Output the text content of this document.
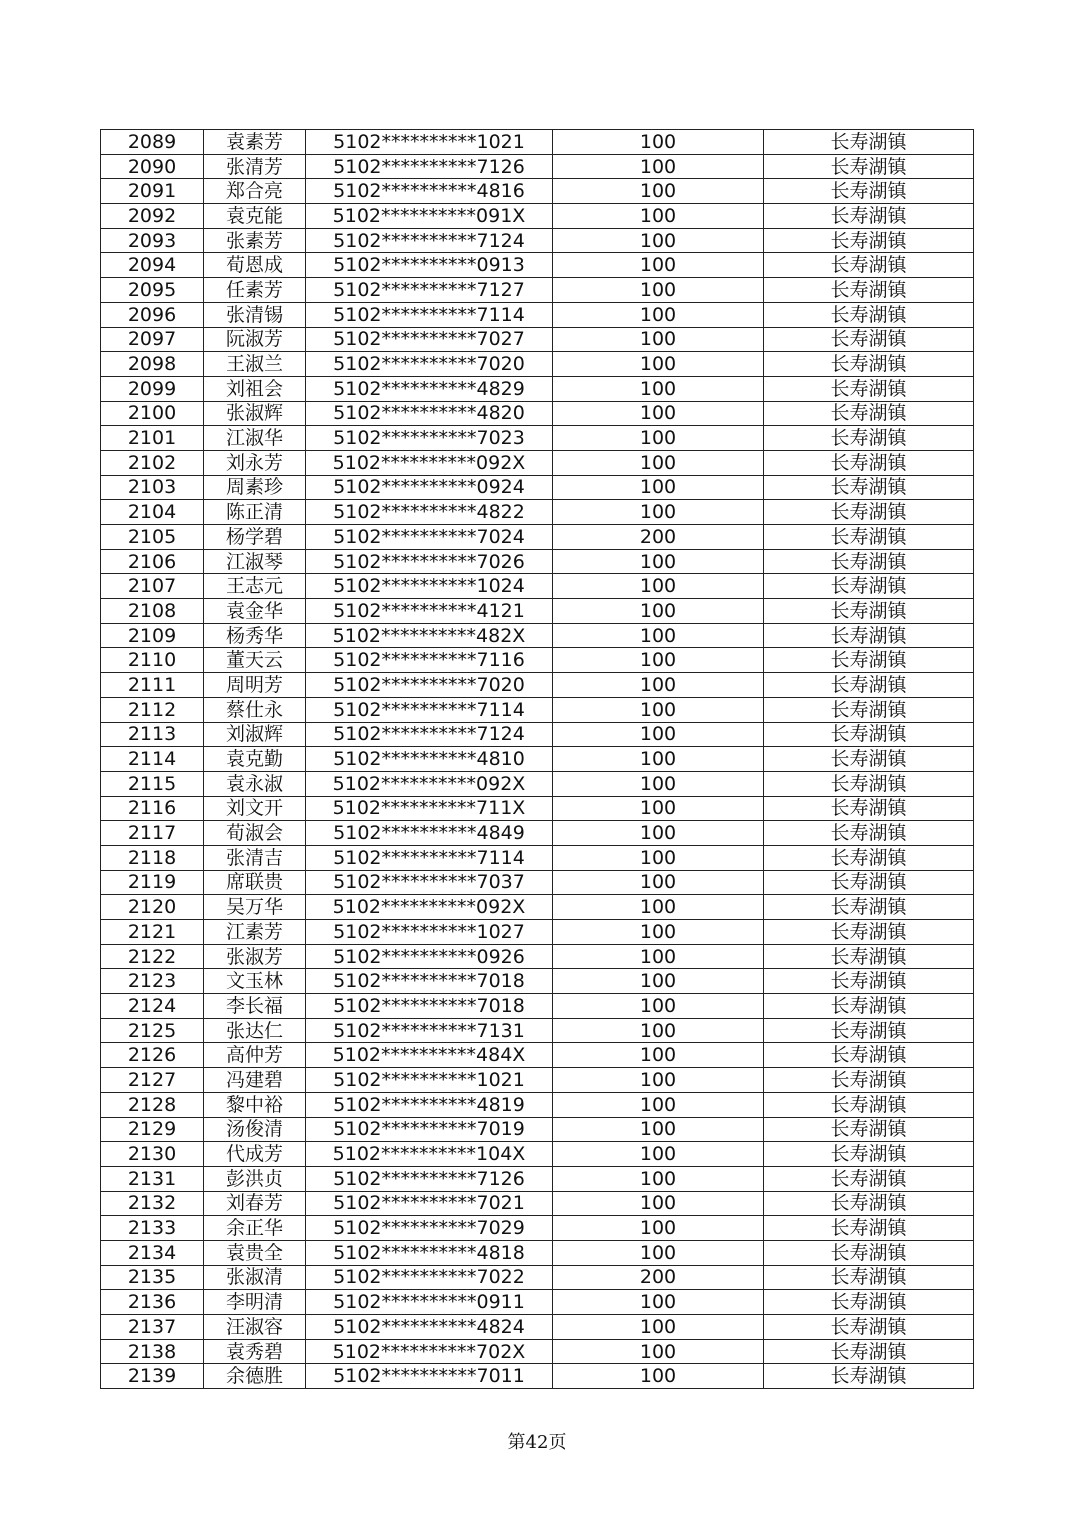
2089	袁素芳	5102**********1021	100	长寿湖镇
2090	张清芳	5102**********7126	100	长寿湖镇
2091	郑合亮	5102**********4816	100	长寿湖镇
2092	袁克能	5102**********091X	100	长寿湖镇
2093	张素芳	5102**********7124	100	长寿湖镇
2094	荀恩成	5102**********0913	100	长寿湖镇
2095	任素芳	5102**********7127	100	长寿湖镇
2096	张清锡	5102**********7114	100	长寿湖镇
2097	阮淑芳	5102**********7027	100	长寿湖镇
2098	王淑兰	5102**********7020	100	长寿湖镇
2099	刘祖会	5102**********4829	100	长寿湖镇
2100	张淑辉	5102**********4820	100	长寿湖镇
2101	江淑华	5102**********7023	100	长寿湖镇
2102	刘永芳	5102**********092X	100	长寿湖镇
2103	周素珍	5102**********0924	100	长寿湖镇
2104	陈正清	5102**********4822	100	长寿湖镇
2105	杨学碧	5102**********7024	200	长寿湖镇
2106	江淑琴	5102**********7026	100	长寿湖镇
2107	王志元	5102**********1024	100	长寿湖镇
2108	袁金华	5102**********4121	100	长寿湖镇
2109	杨秀华	5102**********482X	100	长寿湖镇
2110	董天云	5102**********7116	100	长寿湖镇
2111	周明芳	5102**********7020	100	长寿湖镇
2112	蔡仕永	5102**********7114	100	长寿湖镇
2113	刘淑辉	5102**********7124	100	长寿湖镇
2114	袁克勤	5102**********4810	100	长寿湖镇
2115	袁永淑	5102**********092X	100	长寿湖镇
2116	刘文开	5102**********711X	100	长寿湖镇
2117	荀淑会	5102**********4849	100	长寿湖镇
2118	张清吉	5102**********7114	100	长寿湖镇
2119	席联贵	5102**********7037	100	长寿湖镇
2120	吴万华	5102**********092X	100	长寿湖镇
2121	江素芳	5102**********1027	100	长寿湖镇
2122	张淑芳	5102**********0926	100	长寿湖镇
2123	文玉林	5102**********7018	100	长寿湖镇
2124	李长福	5102**********7018	100	长寿湖镇
2125	张达仁	5102**********7131	100	长寿湖镇
2126	高仲芳	5102**********484X	100	长寿湖镇
2127	冯建碧	5102**********1021	100	长寿湖镇
2128	黎中裕	5102**********4819	100	长寿湖镇
2129	汤俊清	5102**********7019	100	长寿湖镇
2130	代成芳	5102**********104X	100	长寿湖镇
2131	彭洪贞	5102**********7126	100	长寿湖镇
2132	刘春芳	5102**********7021	100	长寿湖镇
2133	余正华	5102**********7029	100	长寿湖镇
2134	袁贵全	5102**********4818	100	长寿湖镇
2135	张淑清	5102**********7022	200	长寿湖镇
2136	李明清	5102**********0911	100	长寿湖镇
2137	汪淑容	5102**********4824	100	长寿湖镇
2138	袁秀碧	5102**********702X	100	长寿湖镇
2139	余德胜	5102**********7011	100	长寿湖镇
第42页
